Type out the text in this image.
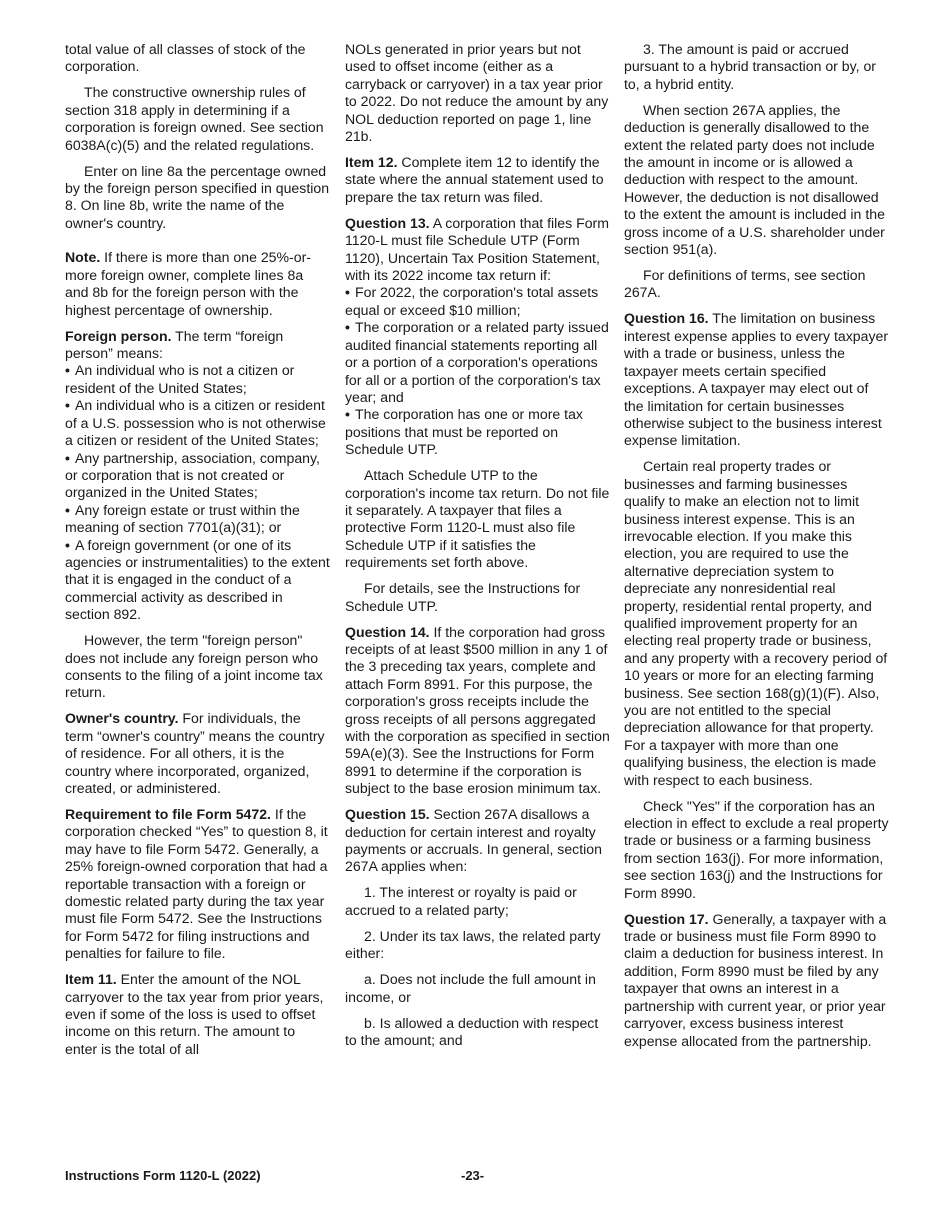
total value of all classes of stock of the corporation.

The constructive ownership rules of section 318 apply in determining if a corporation is foreign owned. See section 6038A(c)(5) and the related regulations.

Enter on line 8a the percentage owned by the foreign person specified in question 8. On line 8b, write the name of the owner's country.

Note. If there is more than one 25%-or-more foreign owner, complete lines 8a and 8b for the foreign person with the highest percentage of ownership.

Foreign person. The term “foreign person” means:

• An individual who is not a citizen or resident of the United States;

• An individual who is a citizen or resident of a U.S. possession who is not otherwise a citizen or resident of the United States;

• Any partnership, association, company, or corporation that is not created or organized in the United States;

• Any foreign estate or trust within the meaning of section 7701(a)(31); or

• A foreign government (or one of its agencies or instrumentalities) to the extent that it is engaged in the conduct of a commercial activity as described in section 892.

However, the term "foreign person" does not include any foreign person who consents to the filing of a joint income tax return.

Owner's country. For individuals, the term “owner's country” means the country of residence. For all others, it is the country where incorporated, organized, created, or administered.

Requirement to file Form 5472. If the corporation checked “Yes” to question 8, it may have to file Form 5472. Generally, a 25% foreign-owned corporation that had a reportable transaction with a foreign or domestic related party during the tax year must file Form 5472. See the Instructions for Form 5472 for filing instructions and penalties for failure to file.

Item 11. Enter the amount of the NOL carryover to the tax year from prior years, even if some of the loss is used to offset income on this return. The amount to enter is the total of all

NOLs generated in prior years but not used to offset income (either as a carryback or carryover) in a tax year prior to 2022. Do not reduce the amount by any NOL deduction reported on page 1, line 21b.

Item 12. Complete item 12 to identify the state where the annual statement used to prepare the tax return was filed.

Question 13. A corporation that files Form 1120-L must file Schedule UTP (Form 1120), Uncertain Tax Position Statement, with its 2022 income tax return if:

• For 2022, the corporation's total assets equal or exceed $10 million;

• The corporation or a related party issued audited financial statements reporting all or a portion of a corporation's operations for all or a portion of the corporation's tax year; and

• The corporation has one or more tax positions that must be reported on Schedule UTP.

Attach Schedule UTP to the corporation's income tax return. Do not file it separately. A taxpayer that files a protective Form 1120-L must also file Schedule UTP if it satisfies the requirements set forth above.

For details, see the Instructions for Schedule UTP.

Question 14. If the corporation had gross receipts of at least $500 million in any 1 of the 3 preceding tax years, complete and attach Form 8991. For this purpose, the corporation's gross receipts include the gross receipts of all persons aggregated with the corporation as specified in section 59A(e)(3). See the Instructions for Form 8991 to determine if the corporation is subject to the base erosion minimum tax.

Question 15. Section 267A disallows a deduction for certain interest and royalty payments or accruals. In general, section 267A applies when:

1. The interest or royalty is paid or accrued to a related party;

2. Under its tax laws, the related party either:

a. Does not include the full amount in income, or

b. Is allowed a deduction with respect to the amount; and

3. The amount is paid or accrued pursuant to a hybrid transaction or by, or to, a hybrid entity.

When section 267A applies, the deduction is generally disallowed to the extent the related party does not include the amount in income or is allowed a deduction with respect to the amount. However, the deduction is not disallowed to the extent the amount is included in the gross income of a U.S. shareholder under section 951(a).

For definitions of terms, see section 267A.

Question 16. The limitation on business interest expense applies to every taxpayer with a trade or business, unless the taxpayer meets certain specified exceptions. A taxpayer may elect out of the limitation for certain businesses otherwise subject to the business interest expense limitation.

Certain real property trades or businesses and farming businesses qualify to make an election not to limit business interest expense. This is an irrevocable election. If you make this election, you are required to use the alternative depreciation system to depreciate any nonresidential real property, residential rental property, and qualified improvement property for an electing real property trade or business, and any property with a recovery period of 10 years or more for an electing farming business. See section 168(g)(1)(F). Also, you are not entitled to the special depreciation allowance for that property. For a taxpayer with more than one qualifying business, the election is made with respect to each business.

Check "Yes" if the corporation has an election in effect to exclude a real property trade or business or a farming business from section 163(j). For more information, see section 163(j) and the Instructions for Form 8990.

Question 17. Generally, a taxpayer with a trade or business must file Form 8990 to claim a deduction for business interest. In addition, Form 8990 must be filed by any taxpayer that owns an interest in a partnership with current year, or prior year carryover, excess business interest expense allocated from the partnership.

Instructions Form 1120-L (2022)	-23-
